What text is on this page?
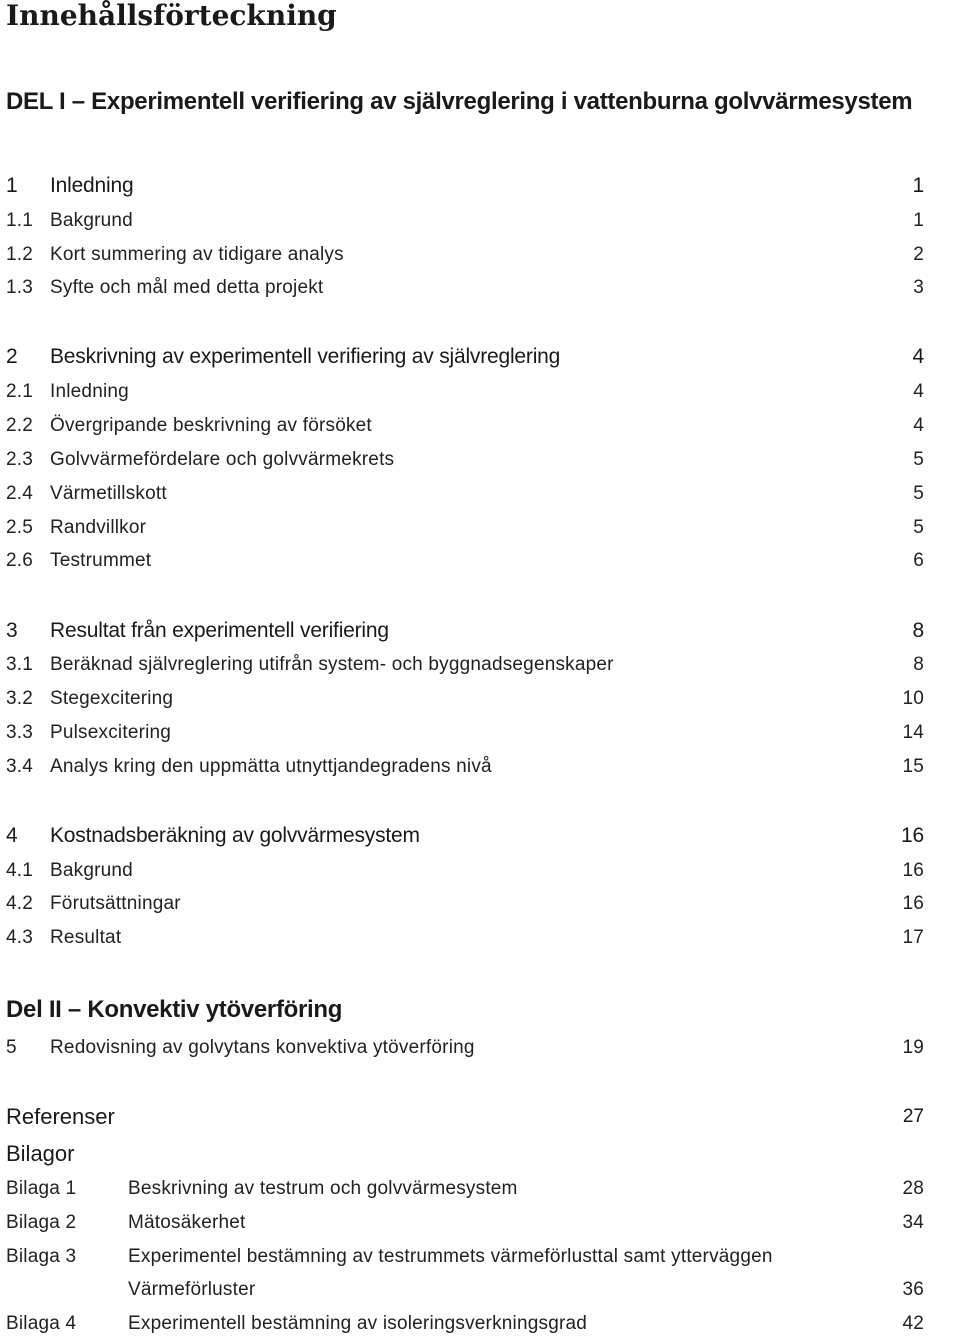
Innehållsförteckning
DEL I – Experimentell verifiering av självreglering i vattenburna golvvärmesystem
1 Inledning	1
1.1 Bakgrund	1
1.2 Kort summering av tidigare analys	2
1.3 Syfte och mål med detta projekt	3
2 Beskrivning av experimentell verifiering av självreglering	4
2.1 Inledning	4
2.2 Övergripande beskrivning av försöket	4
2.3 Golvvärmefördelare och golvvärmekrets	5
2.4 Värmetillskott	5
2.5 Randvillkor	5
2.6 Testrummet	6
3 Resultat från experimentell verifiering	8
3.1 Beräknad självreglering utifrån system- och byggnadsegenskaper	8
3.2 Stegexcitering	10
3.3 Pulsexcitering	14
3.4 Analys kring den uppmätta utnyttjandegradens nivå	15
4 Kostnadsberäkning av golvvärmesystem	16
4.1 Bakgrund	16
4.2 Förutsättningar	16
4.3 Resultat	17
Del II – Konvektiv ytöverföring
5 Redovisning av golvytans konvektiva ytöverföring	19
Referenser	27
Bilagor
Bilaga 1	Beskrivning av testrum och golvvärmesystem	28
Bilaga 2	Mätosäkerhet	34
Bilaga 3	Experimentel bestämning av testrummets värmeförlusttal samt ytterväggen
Värmeförluster	36
Bilaga 4	Experimentell bestämning av isoleringsverkningsgrad	42
